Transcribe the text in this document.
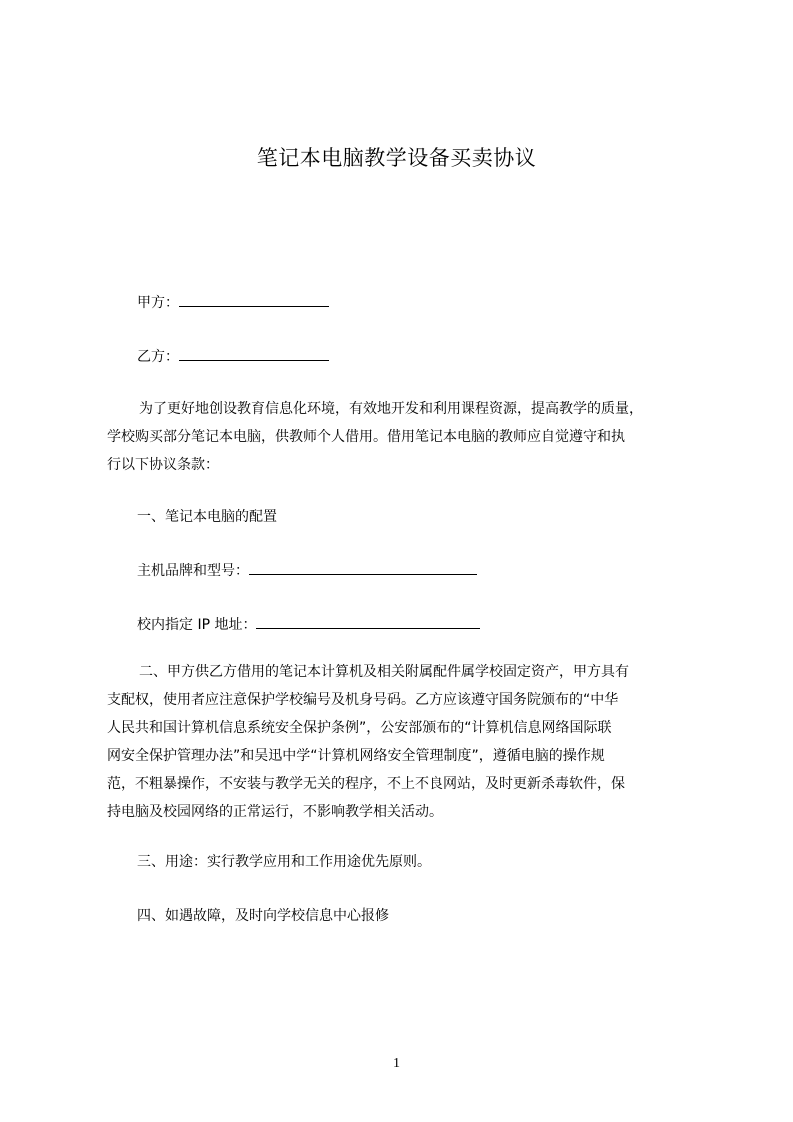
笔记本电脑教学设备买卖协议
甲方：
乙方：
为了更好地创设教育信息化环境，有效地开发和利用课程资源，提高教学的质量，
学校购买部分笔记本电脑，供教师个人借用。借用笔记本电脑的教师应自觉遵守和执
行以下协议条款：
一、笔记本电脑的配置
主机品牌和型号：
校内指定 IP 地址：
二、甲方供乙方借用的笔记本计算机及相关附属配件属学校固定资产，甲方具有
支配权，使用者应注意保护学校编号及机身号码。乙方应该遵守国务院颁布的“中华
人民共和国计算机信息系统安全保护条例”，公安部颁布的“计算机信息网络国际联
网安全保护管理办法”和吴迅中学“计算机网络安全管理制度”，遵循电脑的操作规
范，不粗暴操作，不安装与教学无关的程序，不上不良网站，及时更新杀毒软件，保
持电脑及校园网络的正常运行，不影响教学相关活动。
三、用途：实行教学应用和工作用途优先原则。
四、如遇故障，及时向学校信息中心报修
1
